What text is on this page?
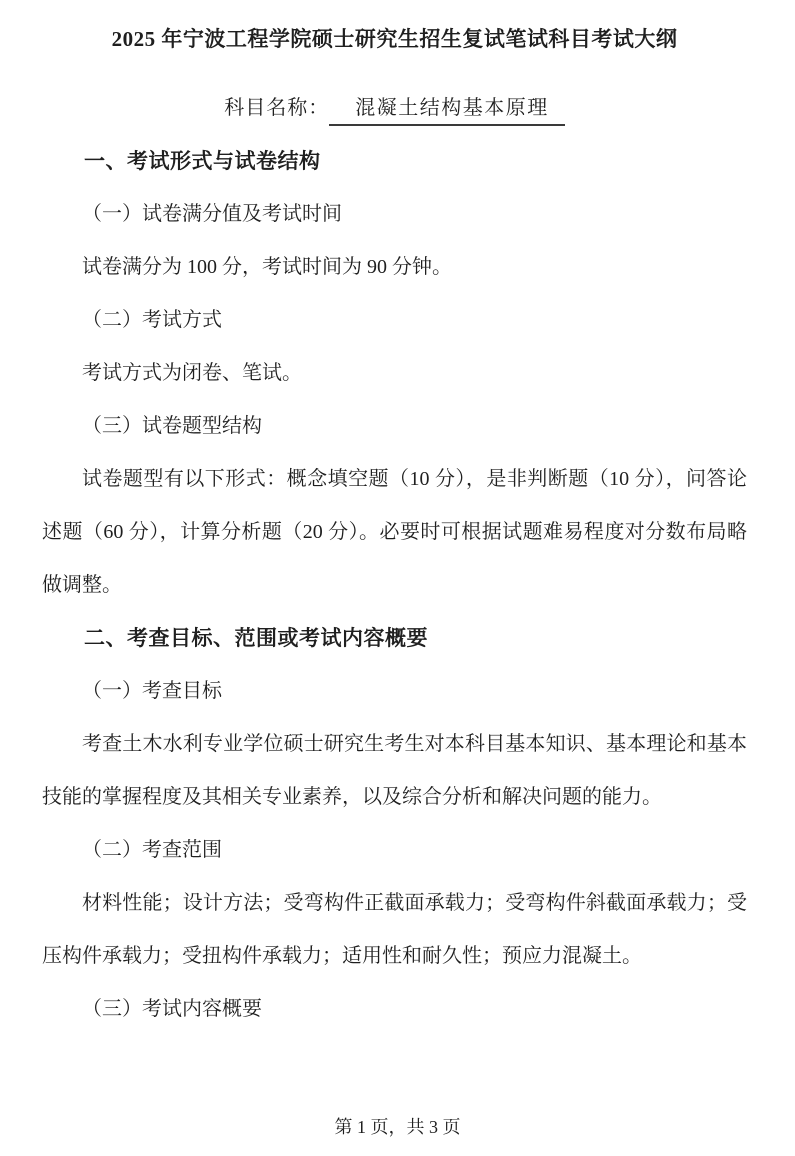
2025 年宁波工程学院硕士研究生招生复试笔试科目考试大纲
科目名称： 混凝土结构基本原理

一、考试形式与试卷结构

（一）试卷满分值及考试时间

试卷满分为 100 分，考试时间为 90 分钟。

（二）考试方式

考试方式为闭卷、笔试。

（三）试卷题型结构

试卷题型有以下形式：概念填空题（10 分），是非判断题（10 分），问答论述题（60 分），计算分析题（20 分）。必要时可根据试题难易程度对分数布局略做调整。

二、考查目标、范围或考试内容概要

（一）考查目标

考查土木水利专业学位硕士研究生考生对本科目基本知识、基本理论和基本技能的掌握程度及其相关专业素养，以及综合分析和解决问题的能力。

（二）考查范围

材料性能；设计方法；受弯构件正截面承载力；受弯构件斜截面承载力；受压构件承载力；受扭构件承载力；适用性和耐久性；预应力混凝土。

（三）考试内容概要

第 1 页，共 3 页
